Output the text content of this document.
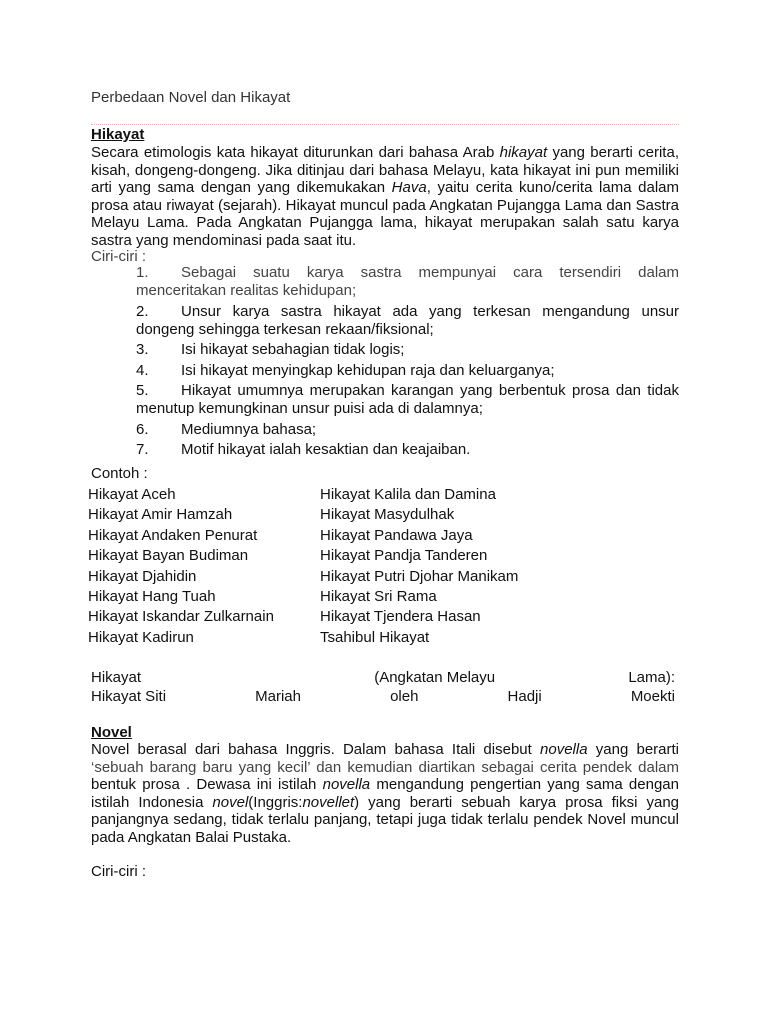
Perbedaan Novel dan Hikayat
Hikayat
Secara etimologis kata hikayat diturunkan dari bahasa Arab hikayat yang berarti cerita, kisah, dongeng-dongeng. Jika ditinjau dari bahasa Melayu, kata hikayat ini pun memiliki arti yang sama dengan yang dikemukakan Hava, yaitu cerita kuno/cerita lama dalam prosa atau riwayat (sejarah). Hikayat muncul pada Angkatan Pujangga Lama dan Sastra Melayu Lama. Pada Angkatan Pujangga lama, hikayat merupakan salah satu karya sastra yang mendominasi pada saat itu.
Ciri-ciri :
1. Sebagai suatu karya sastra mempunyai cara tersendiri dalam menceritakan realitas kehidupan;
2. Unsur karya sastra hikayat ada yang terkesan mengandung unsur dongeng sehingga terkesan rekaan/fiksional;
3. Isi hikayat sebahagian tidak logis;
4. Isi hikayat menyingkap kehidupan raja dan keluarganya;
5. Hikayat umumnya merupakan karangan yang berbentuk prosa dan tidak menutup kemungkinan unsur puisi ada di dalamnya;
6. Mediumnya bahasa;
7. Motif hikayat ialah kesaktian dan keajaiban.
Contoh :
Hikayat Aceh	Hikayat Kalila dan Damina
Hikayat Amir Hamzah	Hikayat Masydulhak
Hikayat Andaken Penurat	Hikayat Pandawa Jaya
Hikayat Bayan Budiman	Hikayat Pandja Tanderen
Hikayat Djahidin	Hikayat Putri Djohar Manikam
Hikayat Hang Tuah	Hikayat Sri Rama
Hikayat Iskandar Zulkarnain	Hikayat Tjendera Hasan
Hikayat Kadirun	Tsahibul Hikayat
Hikayat	(Angkatan Melayu	Lama):
Hikayat Siti	Mariah	oleh	Hadji	Moekti
Novel
Novel berasal dari bahasa Inggris. Dalam bahasa Itali disebut novella yang berarti ‘sebuah barang baru yang kecil’ dan kemudian diartikan sebagai cerita pendek dalam bentuk prosa . Dewasa ini istilah novella mengandung pengertian yang sama dengan istilah Indonesia novel(Inggris:novellet) yang berarti sebuah karya prosa fiksi yang panjangnya sedang, tidak terlalu panjang, tetapi juga tidak terlalu pendek Novel muncul pada Angkatan Balai Pustaka.
Ciri-ciri :
